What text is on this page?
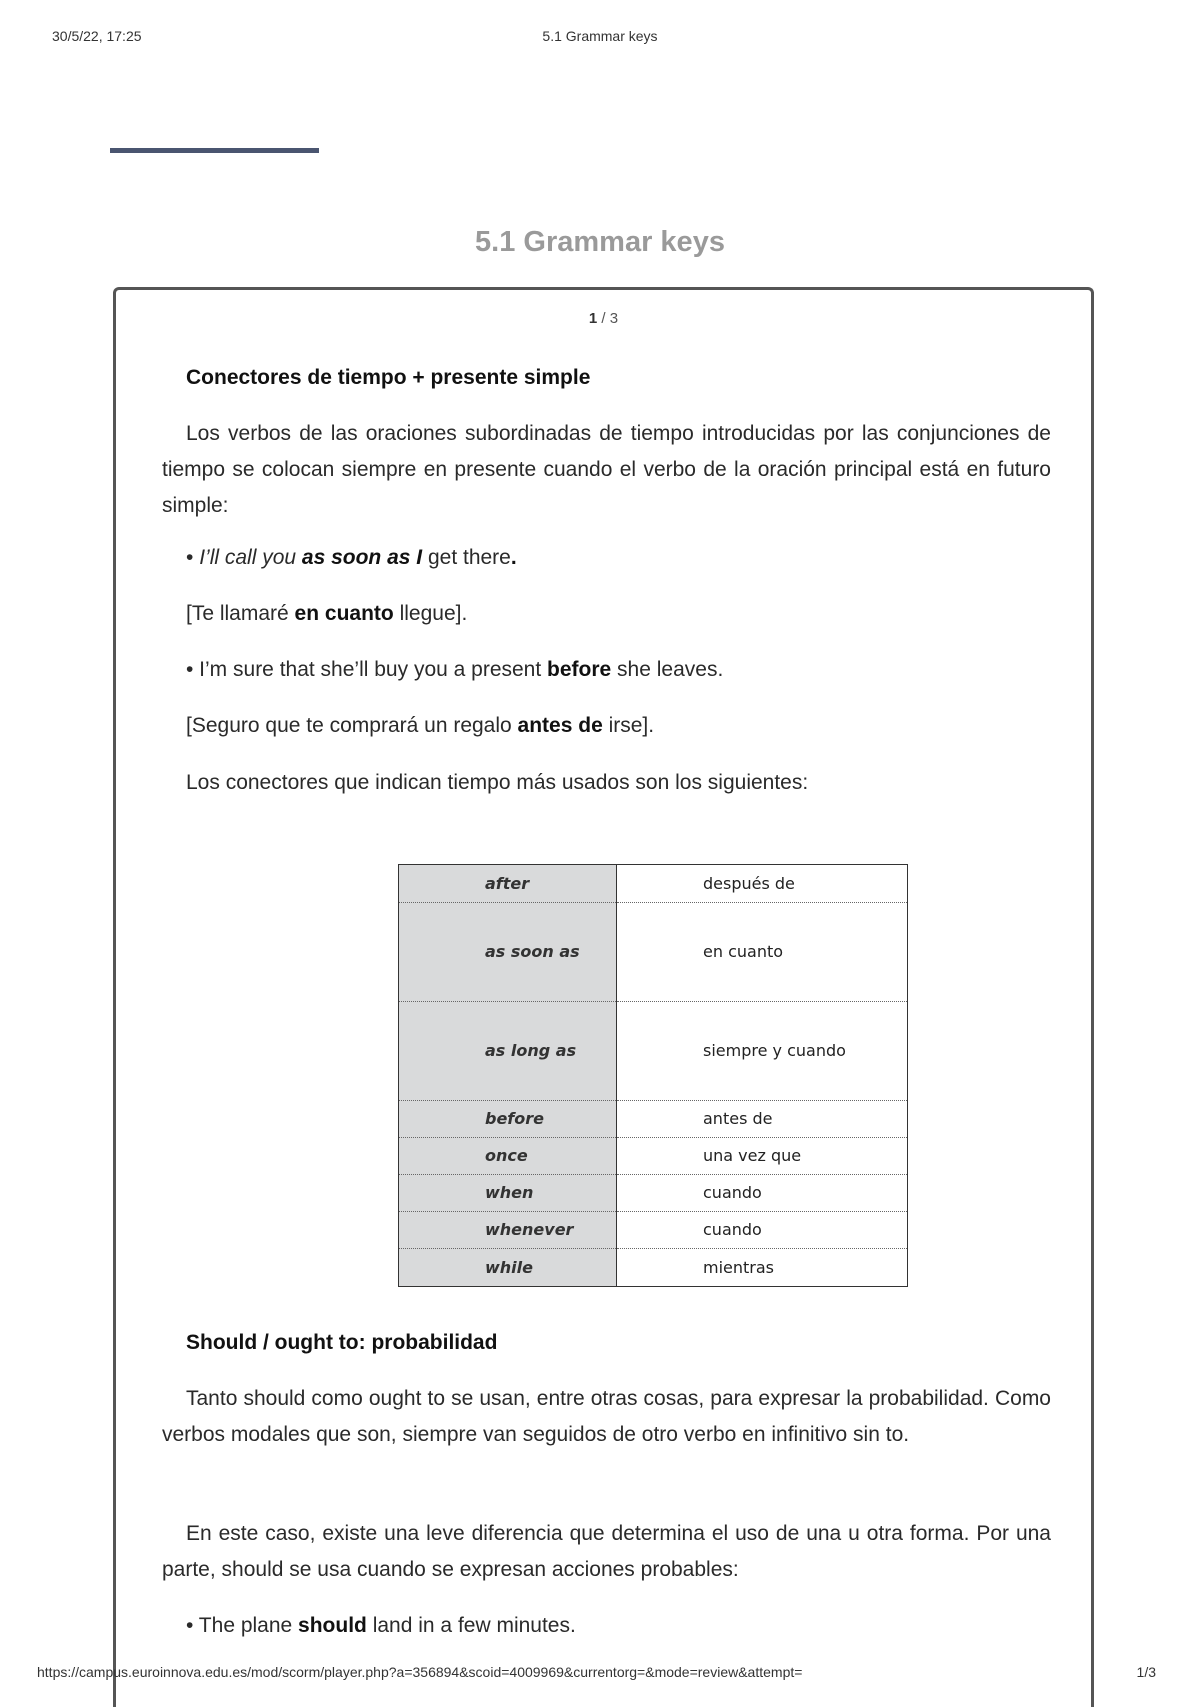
30/5/22, 17:25	5.1 Grammar keys
5.1 Grammar keys
1 / 3

Conectores de tiempo + presente simple

Los verbos de las oraciones subordinadas de tiempo introducidas por las conjunciones de tiempo se colocan siempre en presente cuando el verbo de la oración principal está en futuro simple:

• I’ll call you as soon as I get there.

[Te llamaré en cuanto llegue].

• I’m sure that she’ll buy you a present before she leaves.

[Seguro que te comprará un regalo antes de irse].

Los conectores que indican tiempo más usados son los siguientes:

after	después de
as soon as	en cuanto
as long as	siempre y cuando
before	antes de
once	una vez que
when	cuando
whenever	cuando
while	mientras

Should / ought to: probabilidad

Tanto should como ought to se usan, entre otras cosas, para expresar la probabilidad. Como verbos modales que son, siempre van seguidos de otro verbo en infinitivo sin to.

En este caso, existe una leve diferencia que determina el uso de una u otra forma. Por una parte, should se usa cuando se expresan acciones probables:

• The plane should land in a few minutes.

https://campus.euroinnova.edu.es/mod/scorm/player.php?a=356894&scoid=4009969&currentorg=&mode=review&attempt=	1/3
